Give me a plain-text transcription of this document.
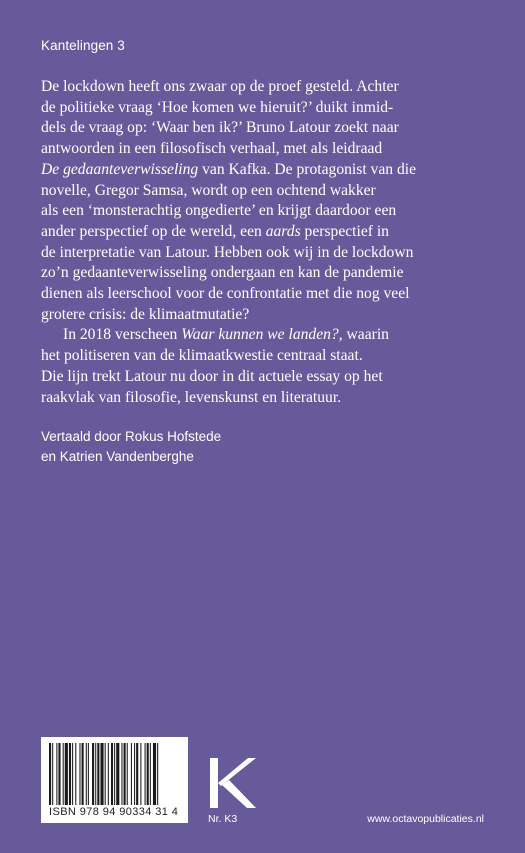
Kantelingen 3

De lockdown heeft ons zwaar op de proef gesteld. Achter
de politieke vraag ‘Hoe komen we hieruit?’ duikt inmid-
dels de vraag op: ‘Waar ben ik?’ Bruno Latour zoekt naar
antwoorden in een filosofisch verhaal, met als leidraad
De gedaanteverwisseling van Kafka. De protagonist van die
novelle, Gregor Samsa, wordt op een ochtend wakker
als een ‘monsterachtig ongedierte’ en krijgt daardoor een
ander perspectief op de wereld, een aards perspectief in
de interpretatie van Latour. Hebben ook wij in de lockdown
zo’n gedaanteverwisseling ondergaan en kan de pandemie
dienen als leerschool voor de confrontatie met die nog veel
grotere crisis: de klimaatmutatie?

In 2018 verscheen Waar kunnen we landen?, waarin
het politiseren van de klimaatkwestie centraal staat.
Die lijn trekt Latour nu door in dit actuele essay op het
raakvlak van filosofie, levenskunst en literatuur.

Vertaald door Rokus Hofstede
en Katrien Vandenberghe
ISBN 978 94 90334 31 4
Nr. K3	www.octavopublicaties.nl
